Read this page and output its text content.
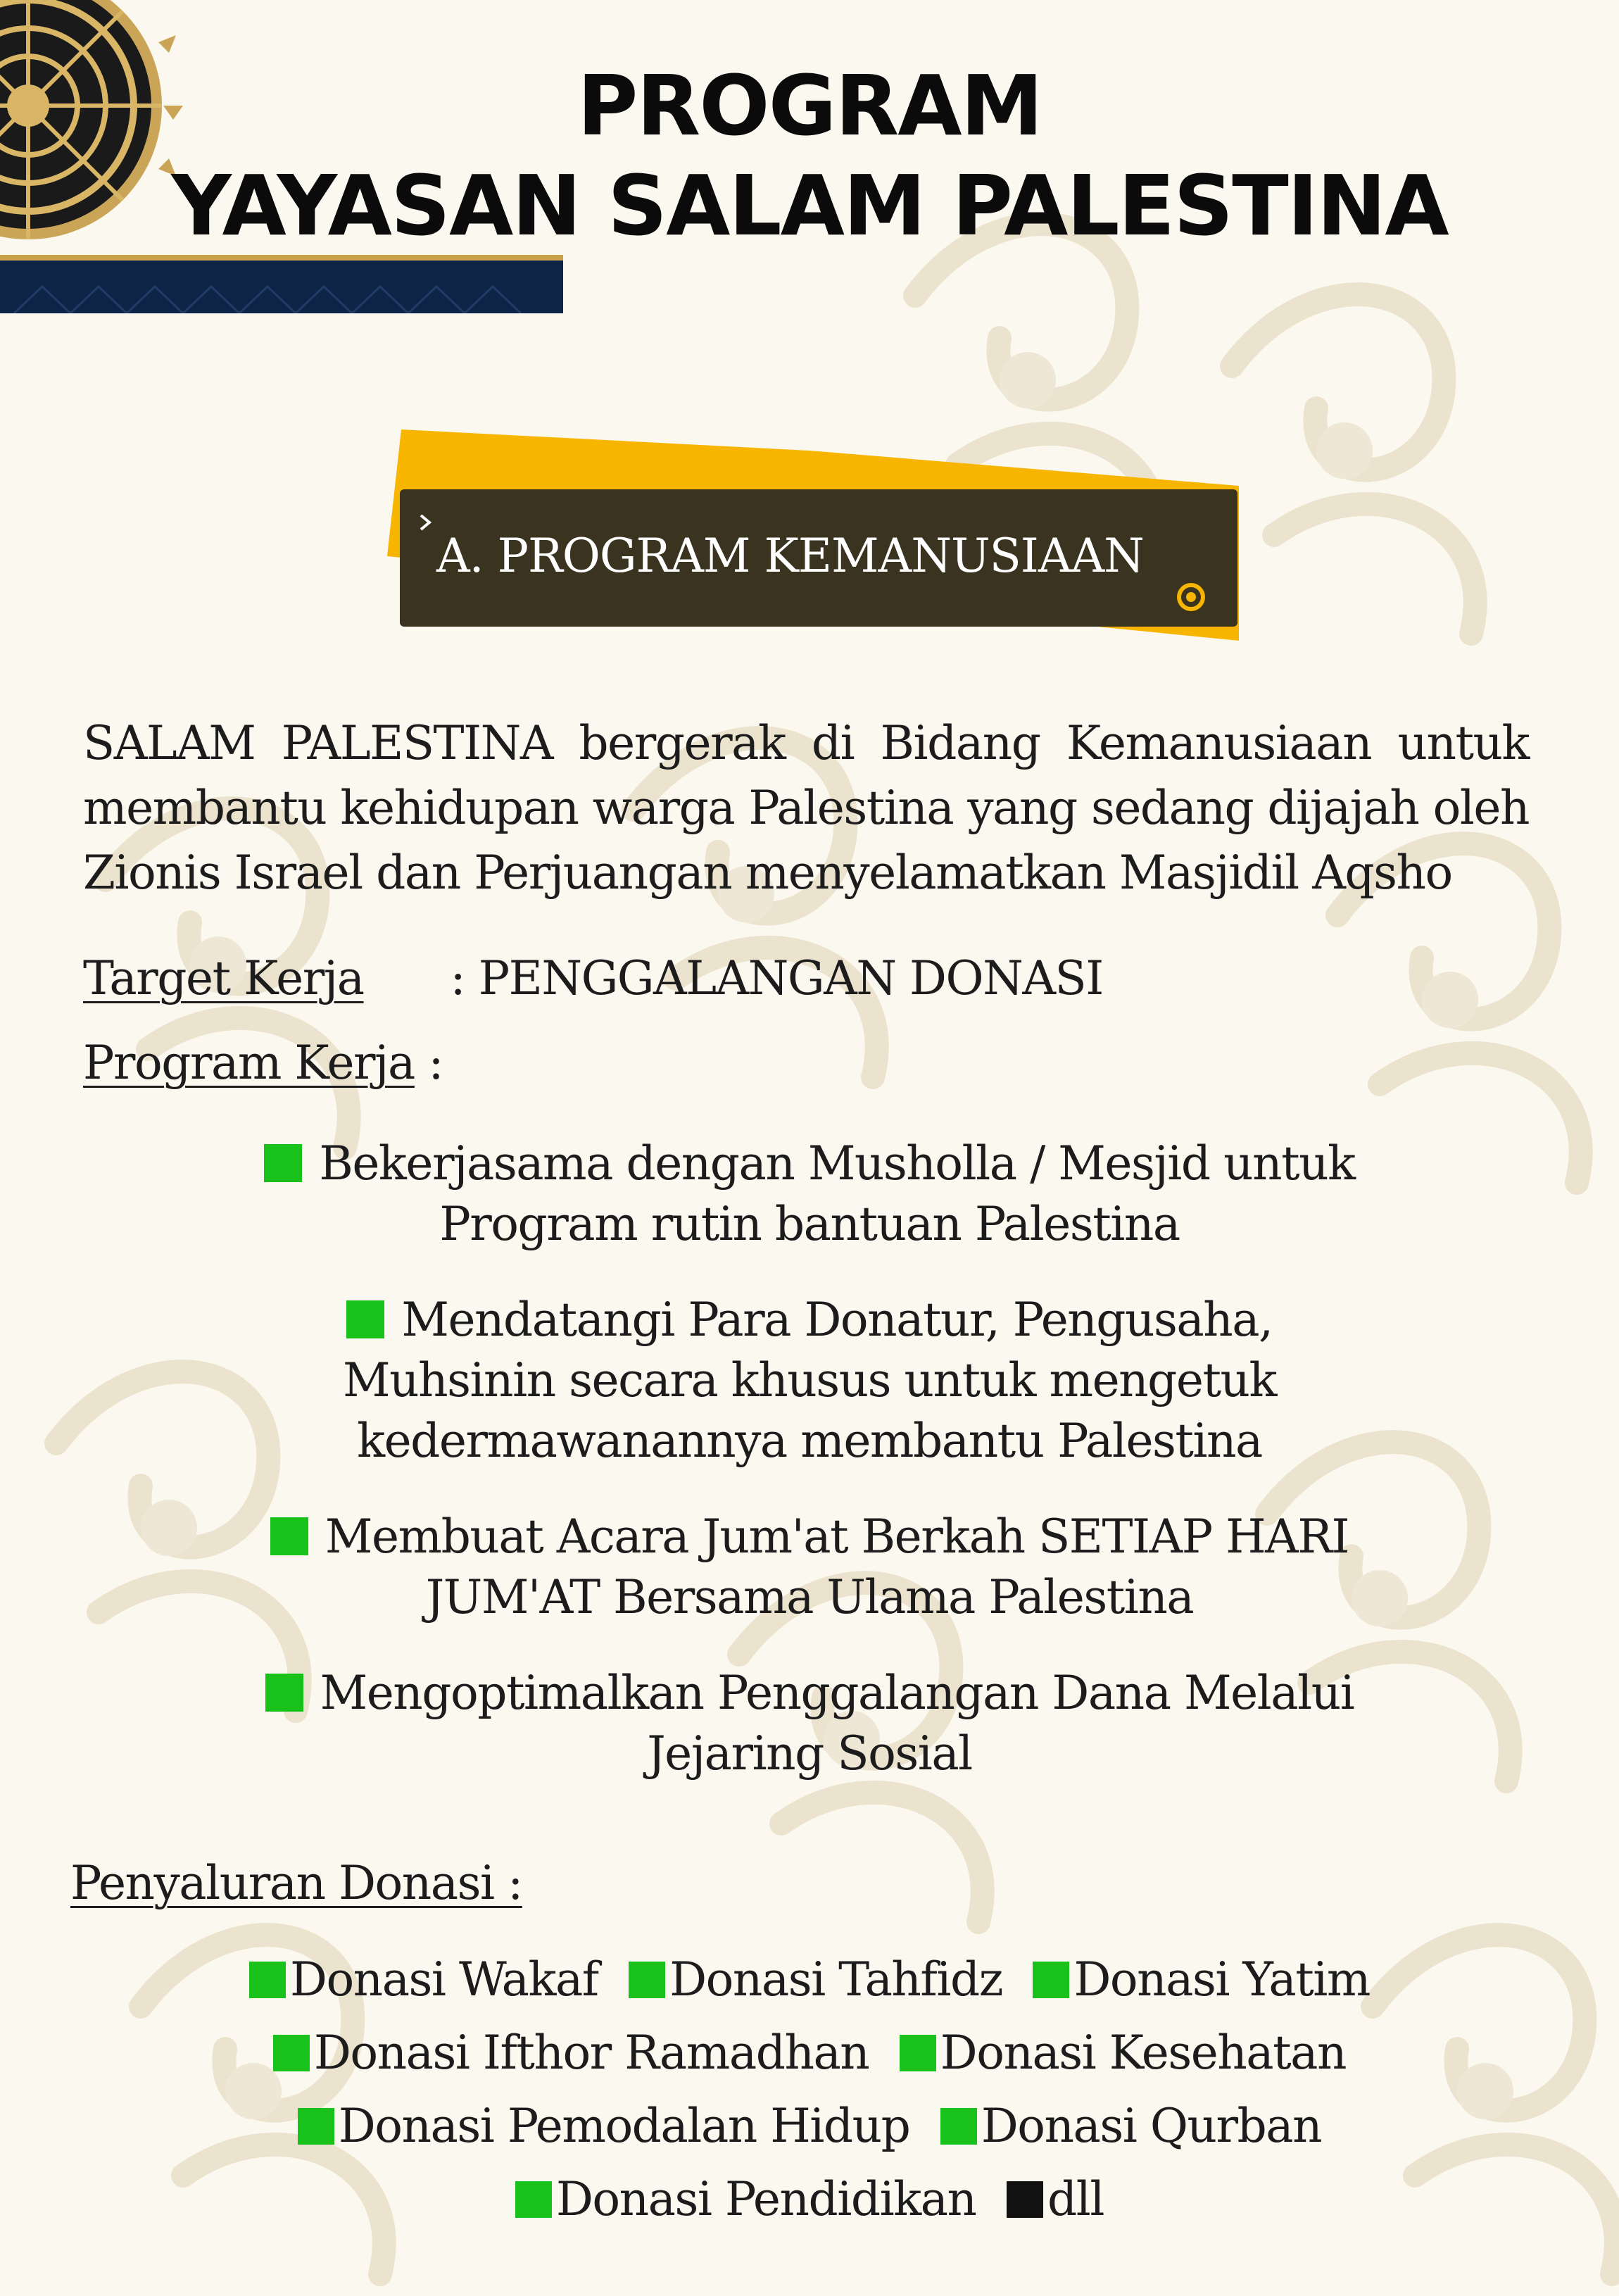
PROGRAM
YAYASAN SALAM PALESTINA
A. PROGRAM KEMANUSIAAN
SALAM PALESTINA bergerak di Bidang Kemanusiaan untuk
membantu kehidupan warga Palestina yang sedang dijajah oleh
Zionis Israel dan Perjuangan menyelamatkan Masjidil Aqsho
Target Kerja : PENGGALANGAN DONASI
Program Kerja :
Bekerjasama dengan Musholla / Mesjid untuk
Program rutin bantuan Palestina
Mendatangi Para Donatur, Pengusaha,
Muhsinin secara khusus untuk mengetuk
kedermawanannya membantu Palestina
Membuat Acara Jum'at Berkah SETIAP HARI
JUM'AT Bersama Ulama Palestina
Mengoptimalkan Penggalangan Dana Melalui
Jejaring Sosial
Penyaluran Donasi :
Donasi Wakaf Donasi Tahfidz Donasi Yatim Donasi Ifthor Ramadhan Donasi Kesehatan Donasi Pemodalan Hidup Donasi Qurban Donasi Pendidikan dll
